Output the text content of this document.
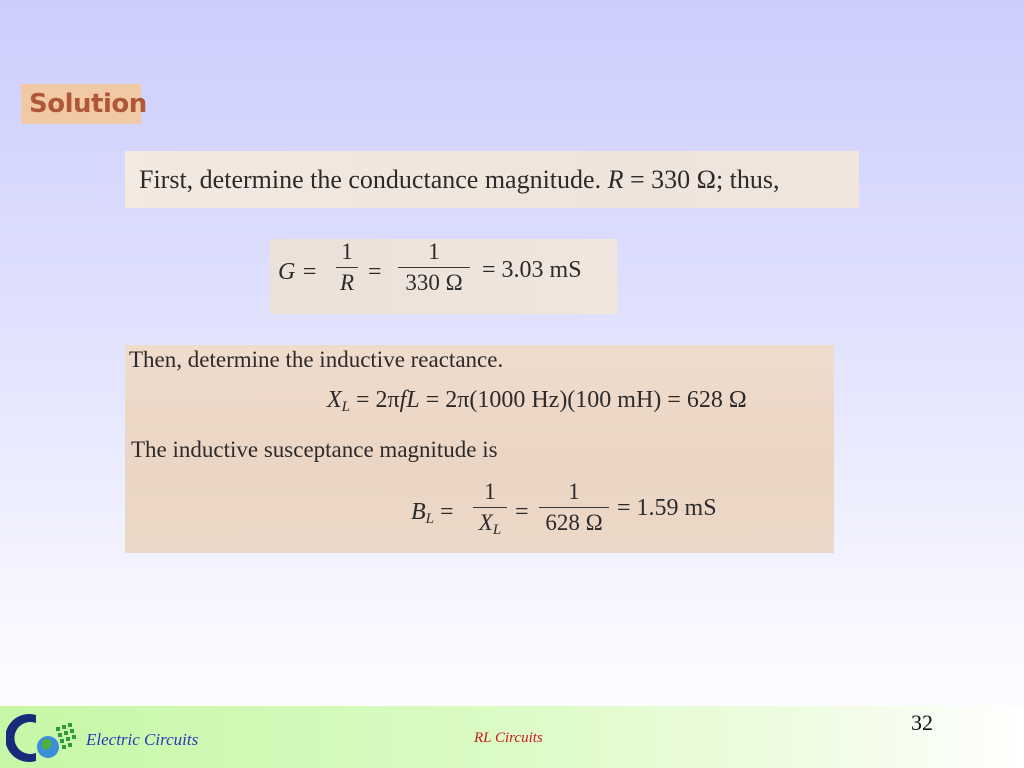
Solution
First, determine the conductance magnitude. R = 330 Ω; thus,
G =
1
R =
1
330 Ω = 3.03 mS
Then, determine the inductive reactance.
$X_L = 2\pi fL = 2\pi(1000$ Hz)(100 mH) = 628 Ω
The inductive susceptance magnitude is
$B_L$ =
1
$X_L$
=
1
628 Ω
= 1.59 mS
Electric Circuits	RL Circuits
32
